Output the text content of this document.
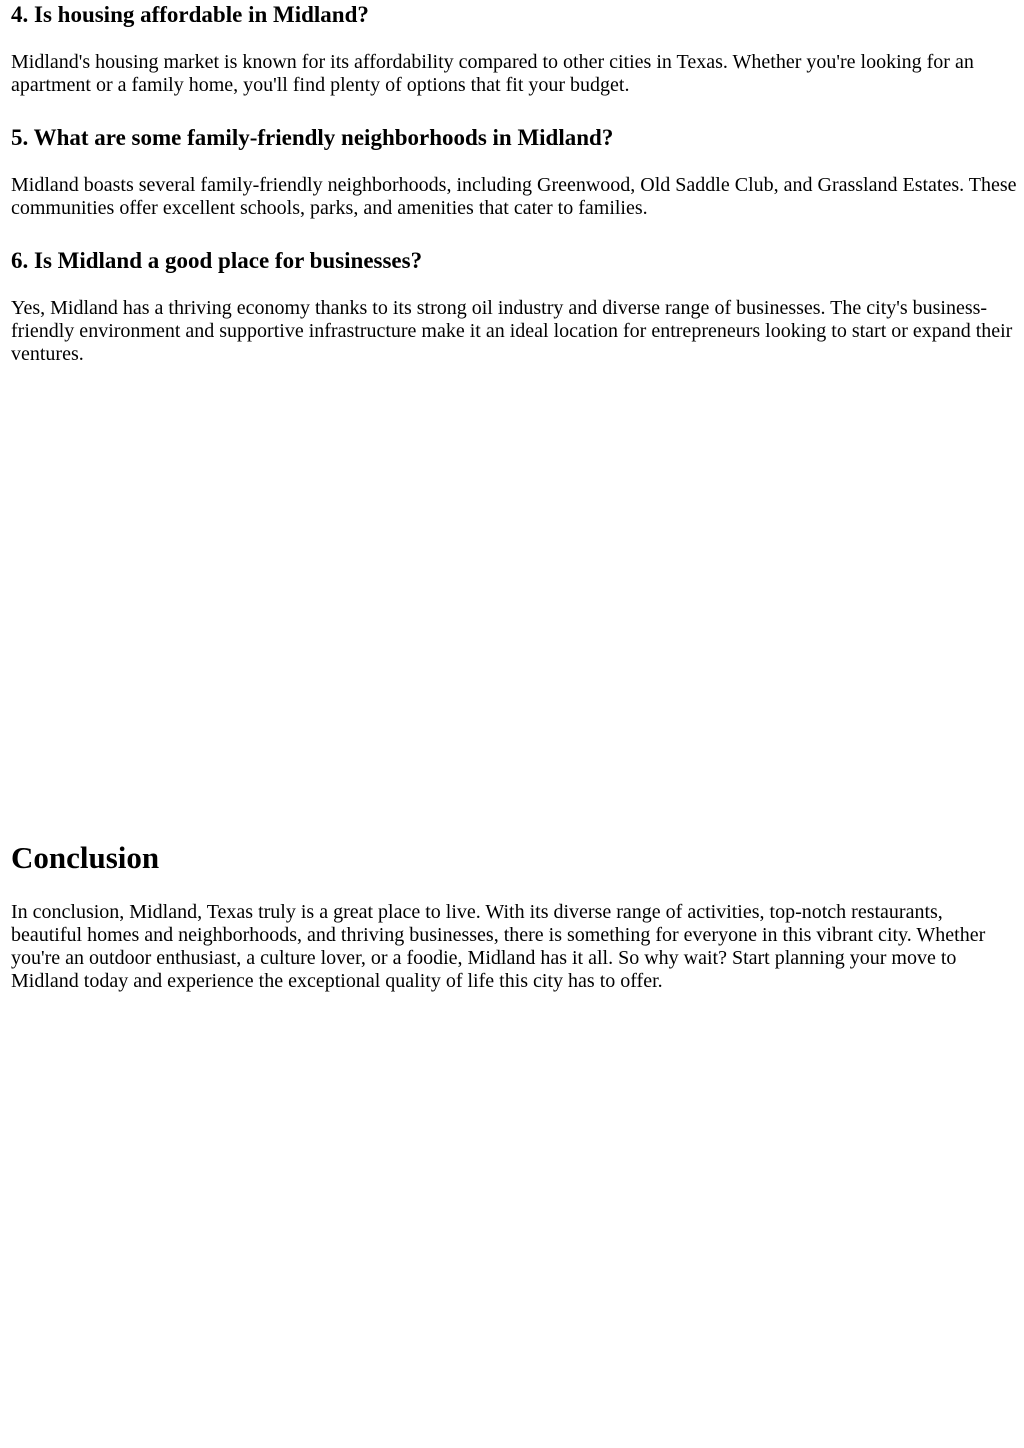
4. Is housing affordable in Midland?

Midland's housing market is known for its affordability compared to other cities in Texas. Whether you're looking for an apartment or a family home, you'll find plenty of options that fit your budget.

5. What are some family-friendly neighborhoods in Midland?

Midland boasts several family-friendly neighborhoods, including Greenwood, Old Saddle Club, and Grassland Estates. These communities offer excellent schools, parks, and amenities that cater to families.

6. Is Midland a good place for businesses?

Yes, Midland has a thriving economy thanks to its strong oil industry and diverse range of businesses. The city's business-friendly environment and supportive infrastructure make it an ideal location for entrepreneurs looking to start or expand their ventures.

Conclusion

In conclusion, Midland, Texas truly is a great place to live. With its diverse range of activities, top-notch restaurants, beautiful homes and neighborhoods, and thriving businesses, there is something for everyone in this vibrant city. Whether you're an outdoor enthusiast, a culture lover, or a foodie, Midland has it all. So why wait? Start planning your move to Midland today and experience the exceptional quality of life this city has to offer.
